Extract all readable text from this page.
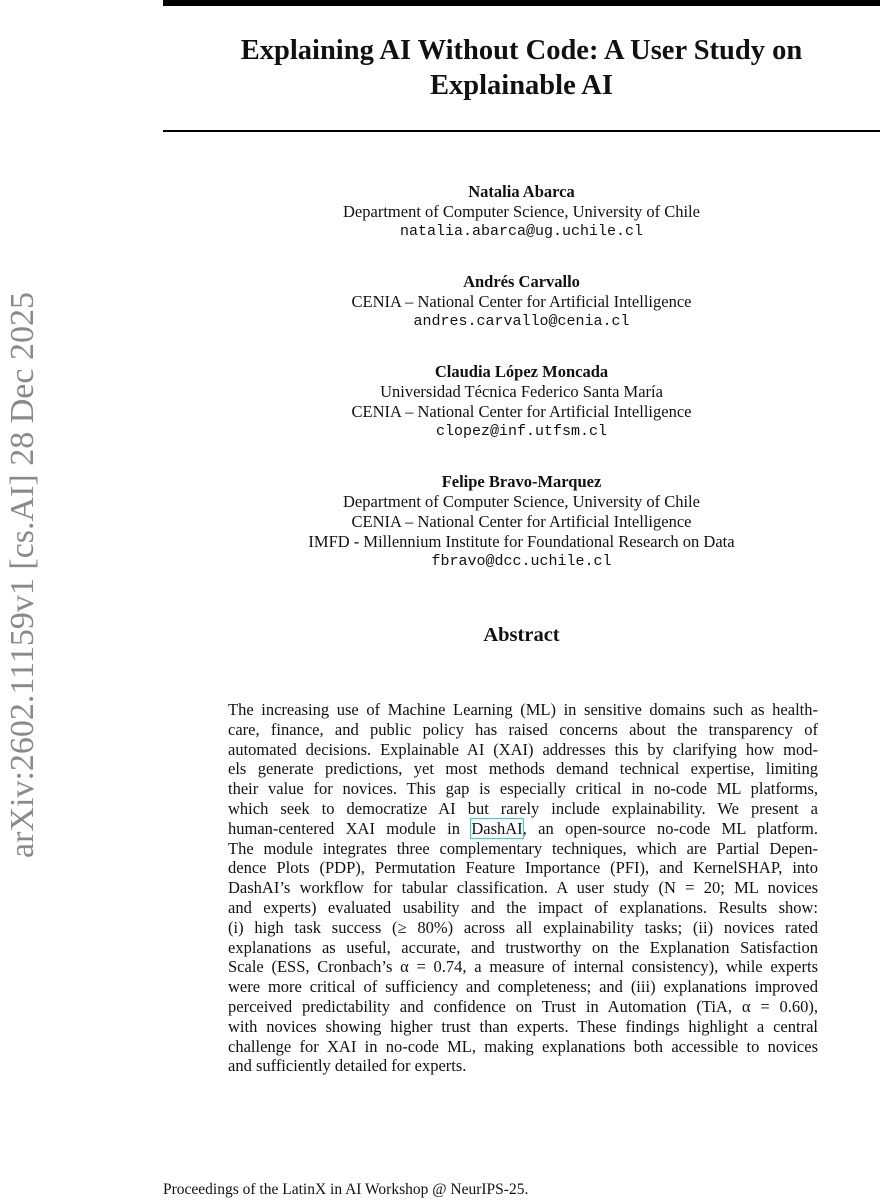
arXiv:2602.11159v1 [cs.AI] 28 Dec 2025
Explaining AI Without Code: A User Study on
Explainable AI
Natalia Abarca
Department of Computer Science, University of Chile
natalia.abarca@ug.uchile.cl
Andrés Carvallo
CENIA – National Center for Artificial Intelligence
andres.carvallo@cenia.cl
Claudia López Moncada
Universidad Técnica Federico Santa María
CENIA – National Center for Artificial Intelligence
clopez@inf.utfsm.cl
Felipe Bravo-Marquez
Department of Computer Science, University of Chile
CENIA – National Center for Artificial Intelligence
IMFD - Millennium Institute for Foundational Research on Data
fbravo@dcc.uchile.cl
Abstract
The increasing use of Machine Learning (ML) in sensitive domains such as health-
care, finance, and public policy has raised concerns about the transparency of
automated decisions. Explainable AI (XAI) addresses this by clarifying how mod-
els generate predictions, yet most methods demand technical expertise, limiting
their value for novices. This gap is especially critical in no-code ML platforms,
which seek to democratize AI but rarely include explainability. We present a
human-centered XAI module in DashAI, an open-source no-code ML platform.
The module integrates three complementary techniques, which are Partial Depen-
dence Plots (PDP), Permutation Feature Importance (PFI), and KernelSHAP, into
DashAI’s workflow for tabular classification. A user study (N = 20; ML novices
and experts) evaluated usability and the impact of explanations. Results show:
(i) high task success (≥ 80%) across all explainability tasks; (ii) novices rated
explanations as useful, accurate, and trustworthy on the Explanation Satisfaction
Scale (ESS, Cronbach’s α = 0.74, a measure of internal consistency), while experts
were more critical of sufficiency and completeness; and (iii) explanations improved
perceived predictability and confidence on Trust in Automation (TiA, α = 0.60),
with novices showing higher trust than experts. These findings highlight a central
challenge for XAI in no-code ML, making explanations both accessible to novices
and sufficiently detailed for experts.
Proceedings of the LatinX in AI Workshop @ NeurIPS-25.
